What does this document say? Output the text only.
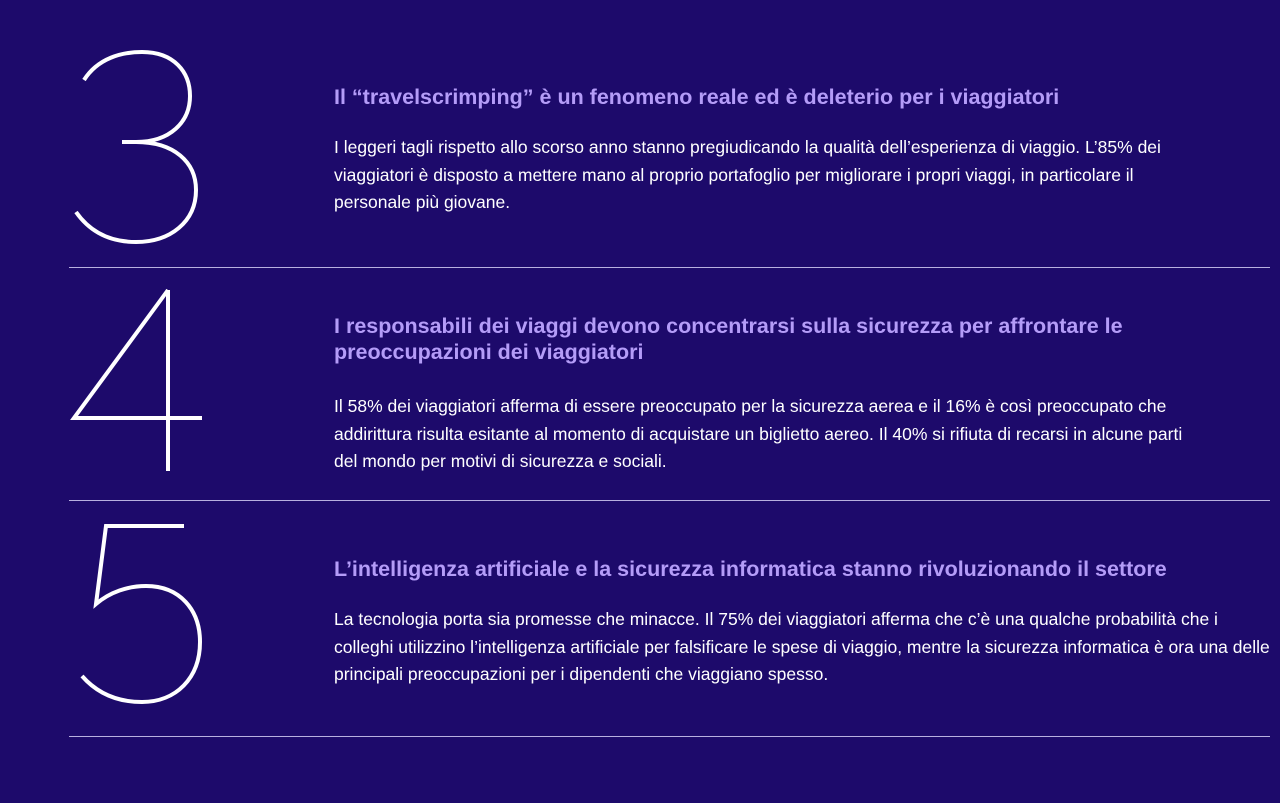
Il “travelscrimping” è un fenomeno reale ed è deleterio per i viaggiatori

I leggeri tagli rispetto allo scorso anno stanno pregiudicando la qualità dell’esperienza di viaggio. L’85% dei viaggiatori è disposto a mettere mano al proprio portafoglio per migliorare i propri viaggi, in particolare il personale più giovane.

I responsabili dei viaggi devono concentrarsi sulla sicurezza per affrontare le preoccupazioni dei viaggiatori

Il 58% dei viaggiatori afferma di essere preoccupato per la sicurezza aerea e il 16% è così preoccupato che addirittura risulta esitante al momento di acquistare un biglietto aereo. Il 40% si rifiuta di recarsi in alcune parti del mondo per motivi di sicurezza e sociali.

L’intelligenza artificiale e la sicurezza informatica stanno rivoluzionando il settore

La tecnologia porta sia promesse che minacce. Il 75% dei viaggiatori afferma che c’è una qualche probabilità che i colleghi utilizzino l’intelligenza artificiale per falsificare le spese di viaggio, mentre la sicurezza informatica è ora una delle principali preoccupazioni per i dipendenti che viaggiano spesso.
